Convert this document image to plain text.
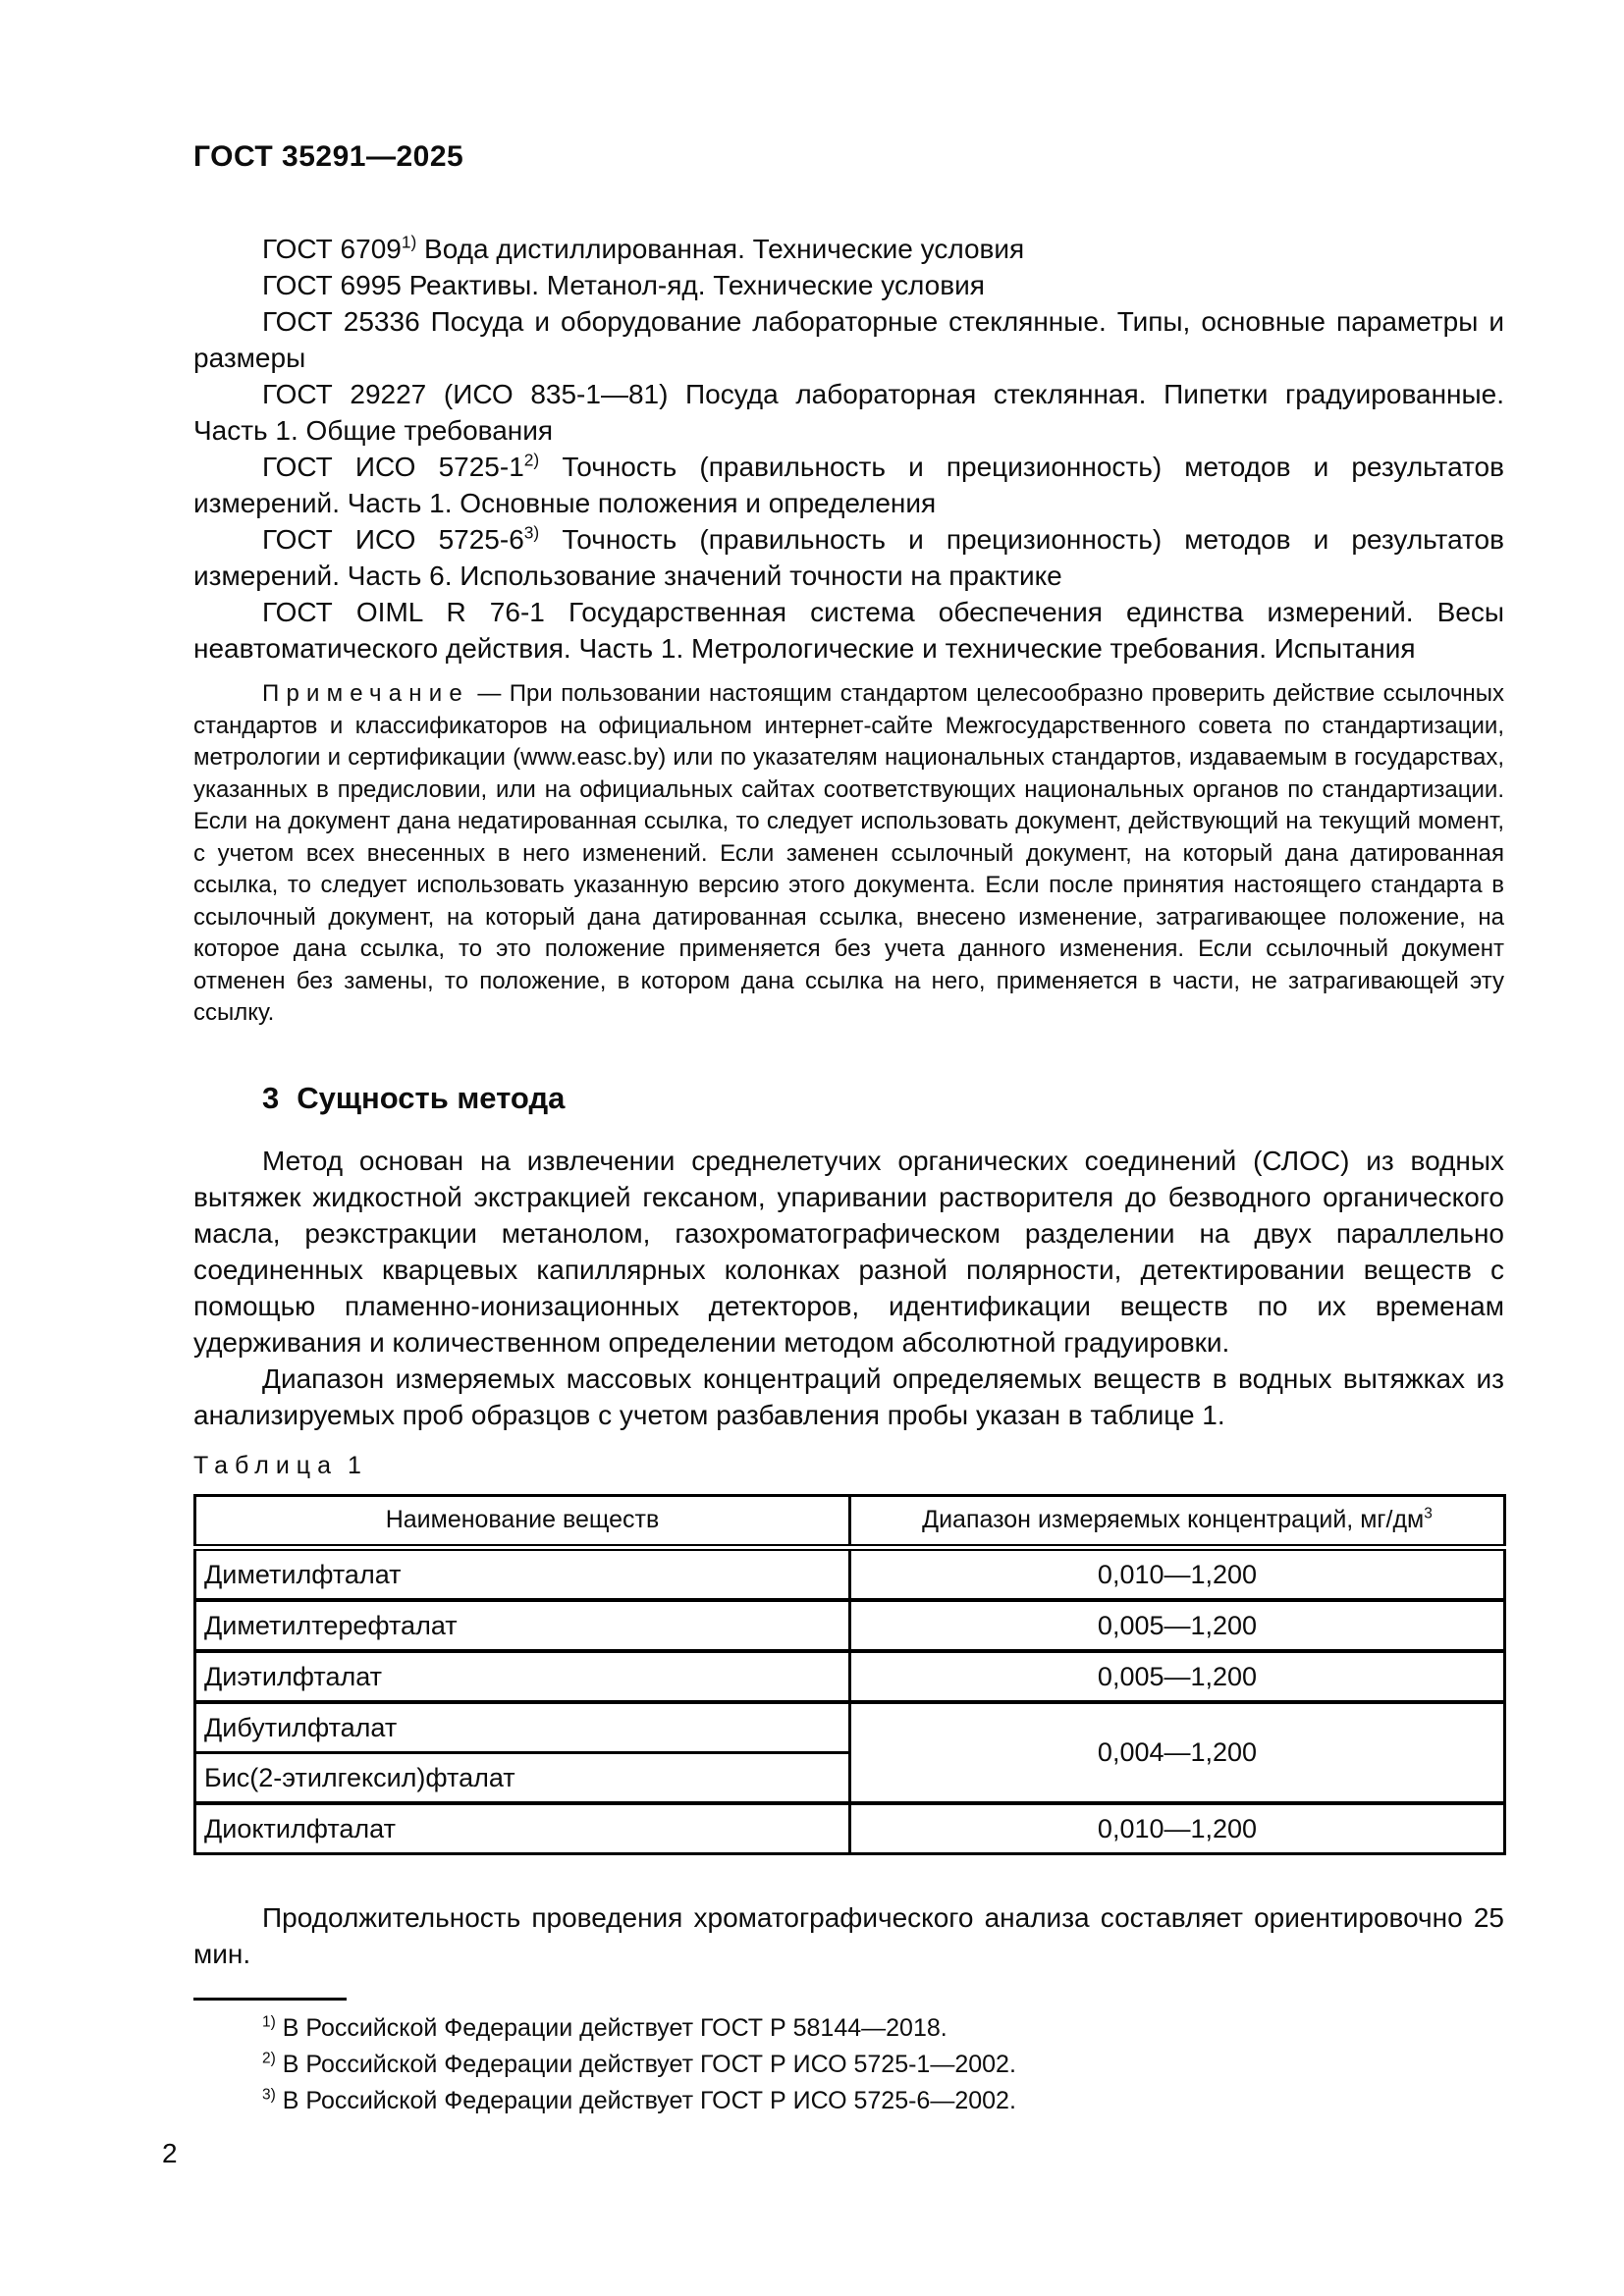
ГОСТ 35291—2025

ГОСТ 6709$^{1)}$ Вода дистиллированная. Технические условия

ГОСТ 6995 Реактивы. Метанол-яд. Технические условия

ГОСТ 25336 Посуда и оборудование лабораторные стеклянные. Типы, основные параметры и размеры

ГОСТ 29227 (ИСО 835-1—81) Посуда лабораторная стеклянная. Пипетки градуированные. Часть 1. Общие требования

ГОСТ ИСО 5725-1$^{2)}$ Точность (правильность и прецизионность) методов и результатов измерений. Часть 1. Основные положения и определения

ГОСТ ИСО 5725-6$^{3)}$ Точность (правильность и прецизионность) методов и результатов измерений. Часть 6. Использование значений точности на практике

ГОСТ OIML R 76-1 Государственная система обеспечения единства измерений. Весы неавтоматического действия. Часть 1. Метрологические и технические требования. Испытания

Примечание — При пользовании настоящим стандартом целесообразно проверить действие ссылочных стандартов и классификаторов на официальном интернет-сайте Межгосударственного совета по стандартизации, метрологии и сертификации (www.easc.by) или по указателям национальных стандартов, издаваемым в государствах, указанных в предисловии, или на официальных сайтах соответствующих национальных органов по стандартизации. Если на документ дана недатированная ссылка, то следует использовать документ, действующий на текущий момент, с учетом всех внесенных в него изменений. Если заменен ссылочный документ, на который дана датированная ссылка, то следует использовать указанную версию этого документа. Если после принятия настоящего стандарта в ссылочный документ, на который дана датированная ссылка, внесено изменение, затрагивающее положение, на которое дана ссылка, то это положение применяется без учета данного изменения. Если ссылочный документ отменен без замены, то положение, в котором дана ссылка на него, применяется в части, не затрагивающей эту ссылку.

3 Сущность метода

Метод основан на извлечении среднелетучих органических соединений (СЛОС) из водных вытяжек жидкостной экстракцией гексаном, упаривании растворителя до безводного органического масла, реэкстракции метанолом, газохроматографическом разделении на двух параллельно соединенных кварцевых капиллярных колонках разной полярности, детектировании веществ с помощью пламенно-ионизационных детекторов, идентификации веществ по их временам удерживания и количественном определении методом абсолютной градуировки.

Диапазон измеряемых массовых концентраций определяемых веществ в водных вытяжках из анализируемых проб образцов с учетом разбавления пробы указан в таблице 1.

Таблица 1
Наименование веществ	Диапазон измеряемых концентраций, $мг/дм^3$
Диметилфталат	0,010—1,200
Диметилтерефталат	0,005—1,200
Диэтилфталат	0,005—1,200
Дибутилфталат	0,004—1,200
Бис(2-этилгексил)фталат	
Диоктилфталат	0,010—1,200

Продолжительность проведения хроматографического анализа составляет ориентировочно 25 мин.

$^{1)}$ В Российской Федерации действует ГОСТ Р 58144—2018.

$^{2)}$ В Российской Федерации действует ГОСТ Р ИСО 5725-1—2002.

$^{3)}$ В Российской Федерации действует ГОСТ Р ИСО 5725-6—2002.

2
